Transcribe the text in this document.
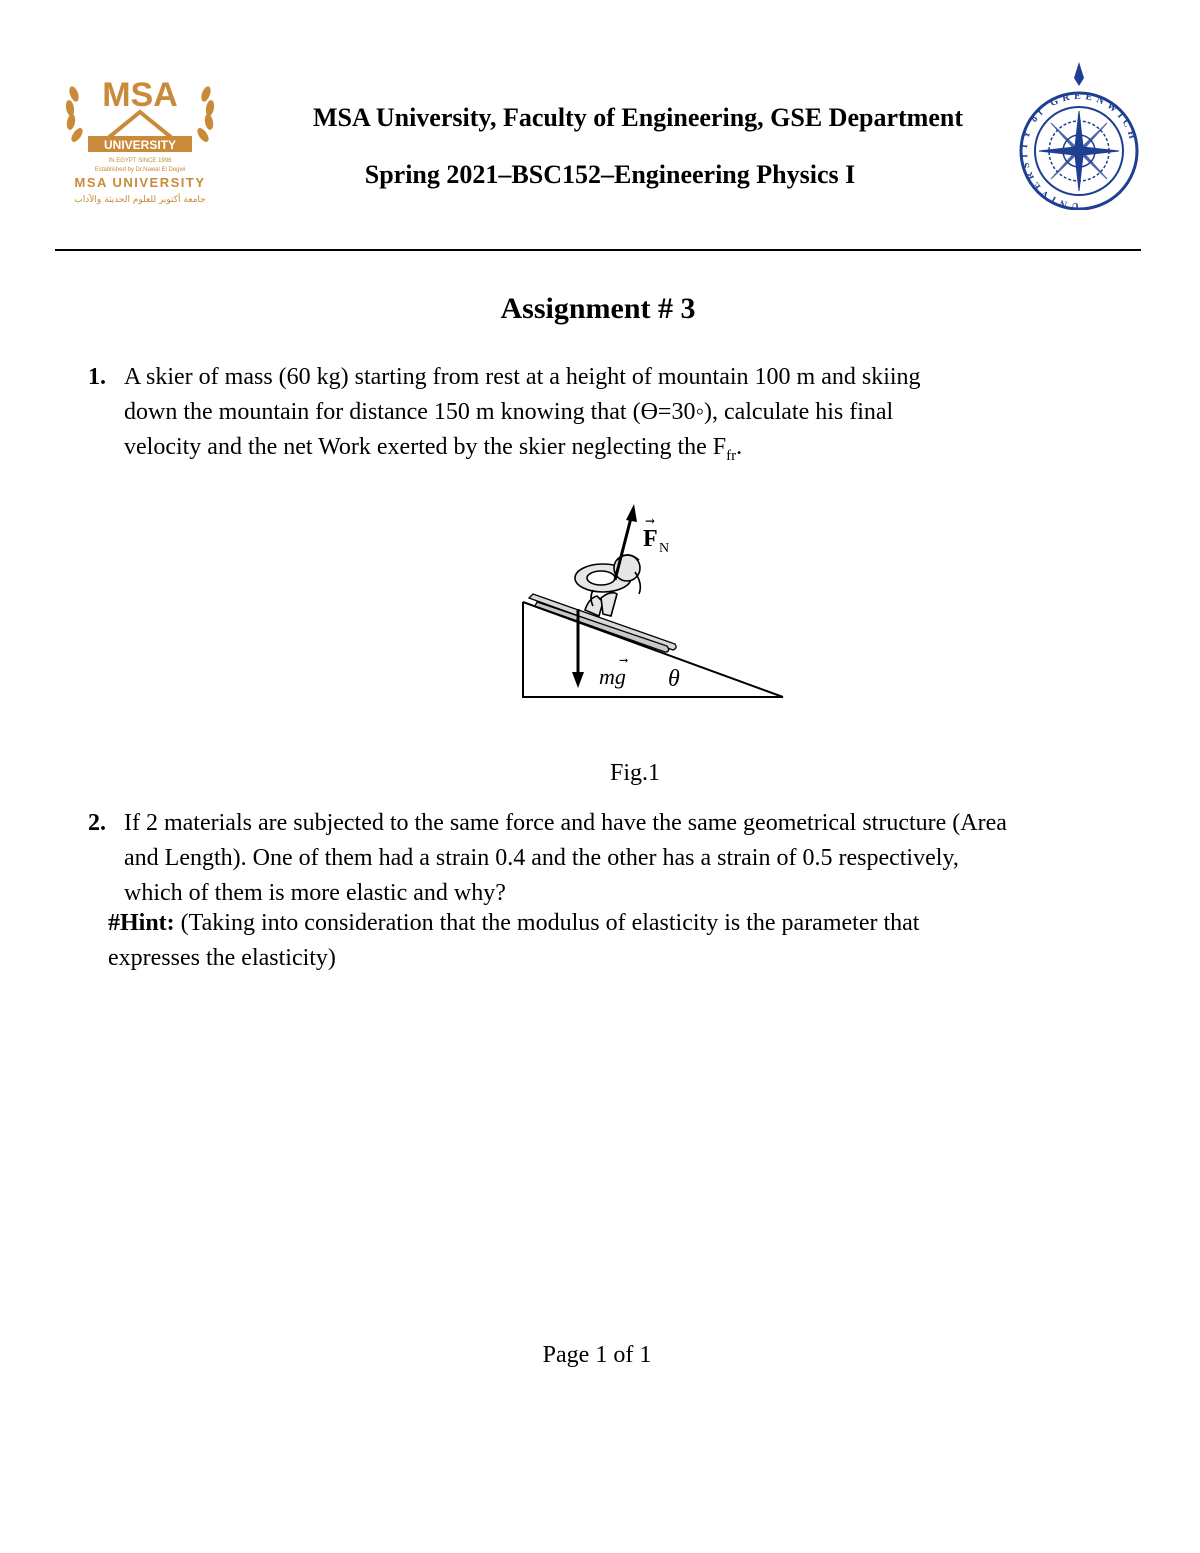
MSA
UNIVERSITY
IN EGYPT SINCE 1996
Established by Dr.Nawal El Degwi
MSA UNIVERSITY
جامعة أكتوبر للعلوم الحديثة والآداب
MSA University, Faculty of Engineering, GSE Department
Spring 2021–BSC152–Engineering Physics I
UNIVERSITY of GREENWICH
Assignment # 3
1. A skier of mass (60 kg) starting from rest at a height of mountain 100 m and skiing
down the mountain for distance 150 m knowing that (ϴ=30◦), calculate his final
velocity and the net Work exerted by the skier neglecting the $F_{fr}$.
→
F N
→
mg θ
Fig.1
2. If 2 materials are subjected to the same force and have the same geometrical structure (Area
and Length). One of them had a strain 0.4 and the other has a strain of 0.5 respectively,
which of them is more elastic and why?
#Hint: (Taking into consideration that the modulus of elasticity is the parameter that
expresses the elasticity)
Page 1 of 1
